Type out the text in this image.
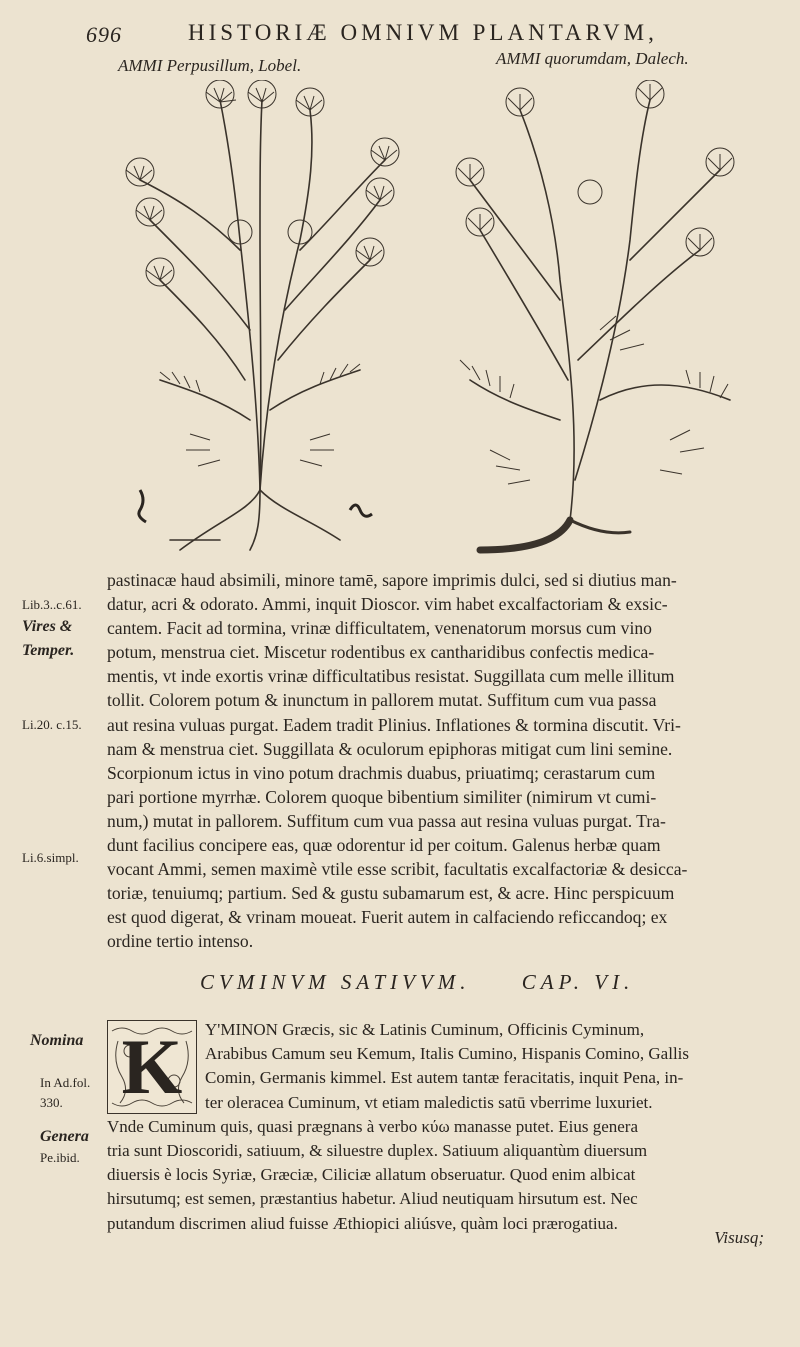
696	HISTORIÆ OMNIVM PLANTARVM,
AMMI Perpusillum, Lobel.	AMMI quorumdam, Dalech.
Lib.3..c.61.
Vires &
Temper.
Li.20. c.15.
Li.6.simpl.
Nomina
In Ad.fol.
330.
Genera
Pe.ibid.

pastinacæ haud absimili, minore tamē, sapore imprimis dulci, sed si diutius man-

datur, acri & odorato. Ammi, inquit Dioscor. vim habet excalfactoriam & exsic-

cantem. Facit ad tormina, vrinæ difficultatem, venenatorum morsus cum vino

potum, menstrua ciet. Miscetur rodentibus ex cantharidibus confectis medica-

mentis, vt inde exortis vrinæ difficultatibus resistat. Suggillata cum melle illitum

tollit. Colorem potum & inunctum in pallorem mutat. Suffitum cum vua passa

aut resina vuluas purgat. Eadem tradit Plinius. Inflationes & tormina discutit. Vri-

nam & menstrua ciet. Suggillata & oculorum epiphoras mitigat cum lini semine.

Scorpionum ictus in vino potum drachmis duabus, priuatimq; cerastarum cum

pari portione myrrhæ. Colorem quoque bibentium similiter (nimirum vt cumi-

num,) mutat in pallorem. Suffitum cum vua passa aut resina vuluas purgat. Tra-

dunt facilius concipere eas, quæ odorentur id per coitum. Galenus herbæ quam

vocant Ammi, semen maximè vtile esse scribit, facultatis excalfactoriæ & desicca-

toriæ, tenuiumq; partium. Sed & gustu subamarum est, & acre. Hinc perspicuum

est quod digerat, & vrinam moueat. Fuerit autem in calfaciendo reficcandoq; ex

ordine tertio intenso.

CVMINVM SATIVVM. CAP. VI.
K	Y'MINON Græcis, sic & Latinis Cuminum, Officinis Cyminum,
Arabibus Camum seu Kemum, Italis Cumino, Hispanis Comino, Gallis
Comin, Germanis kimmel. Est autem tantæ feracitatis, inquit Pena, in-
ter oleracea Cuminum, vt etiam maledictis satū vberrime luxuriet.
Vnde Cuminum quis, quasi prægnans à verbo κύω manasse putet. Eius genera
tria sunt Dioscoridi, satiuum, & siluestre duplex. Satiuum aliquantùm diuersum
diuersis è locis Syriæ, Græciæ, Ciliciæ allatum obseruatur. Quod enim albicat
hirsutumq; est semen, præstantius habetur. Aliud neutiquam hirsutum est. Nec
putandum discrimen aliud fuisse Æthiopici aliúsve, quàm loci prærogatiua.
Visusq;
